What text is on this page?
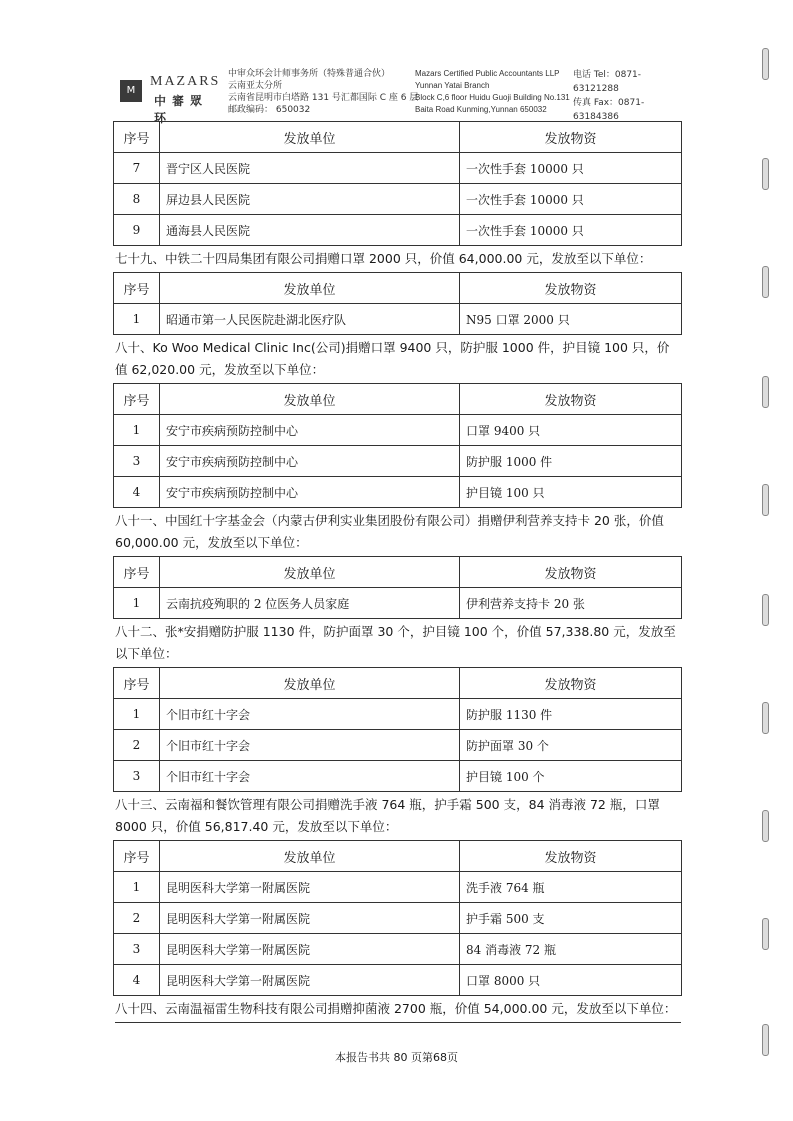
M
MAZARS
中審眾环
中审众环会计师事务所（特殊普通合伙）
云南亚太分所
云南省昆明市白塔路 131 号汇都国际 C 座 6 层
邮政编码： 650032
Mazars Certified Public Accountants LLP
Yunnan Yatai Branch
Block C,6 floor Huidu Guoji Building No.131
Baita Road Kunming,Yunnan 650032
电话 Tel：0871-63121288
传真 Fax：0871-63184386
序号	发放单位	发放物资
7	晋宁区人民医院	一次性手套 10000 只
8	屏边县人民医院	一次性手套 10000 只
9	通海县人民医院	一次性手套 10000 只
七十九、中铁二十四局集团有限公司捐赠口罩 2000 只，价值 64,000.00 元，发放至以下单位：
序号	发放单位	发放物资
1	昭通市第一人民医院赴湖北医疗队	N95 口罩 2000 只
八十、Ko Woo Medical Clinic Inc(公司)捐赠口罩 9400 只，防护服 1000 件，护目镜 100 只，价值 62,020.00 元，发放至以下单位：
序号	发放单位	发放物资
1	安宁市疾病预防控制中心	口罩 9400 只
3	安宁市疾病预防控制中心	防护服 1000 件
4	安宁市疾病预防控制中心	护目镜 100 只
八十一、中国红十字基金会（内蒙古伊利实业集团股份有限公司）捐赠伊利营养支持卡 20 张，价值 60,000.00 元，发放至以下单位：
序号	发放单位	发放物资
1	云南抗疫殉职的 2 位医务人员家庭	伊利营养支持卡 20 张
八十二、张*安捐赠防护服 1130 件，防护面罩 30 个，护目镜 100 个，价值 57,338.80 元，发放至以下单位：
序号	发放单位	发放物资
1	个旧市红十字会	防护服 1130 件
2	个旧市红十字会	防护面罩 30 个
3	个旧市红十字会	护目镜 100 个
八十三、云南福和餐饮管理有限公司捐赠洗手液 764 瓶，护手霜 500 支，84 消毒液 72 瓶，口罩 8000 只，价值 56,817.40 元，发放至以下单位：
序号	发放单位	发放物资
1	昆明医科大学第一附属医院	洗手液 764 瓶
2	昆明医科大学第一附属医院	护手霜 500 支
3	昆明医科大学第一附属医院	84 消毒液 72 瓶
4	昆明医科大学第一附属医院	口罩 8000 只
八十四、云南温福雷生物科技有限公司捐赠抑菌液 2700 瓶，价值 54,000.00 元，发放至以下单位：
本报告书共 80 页第68页
